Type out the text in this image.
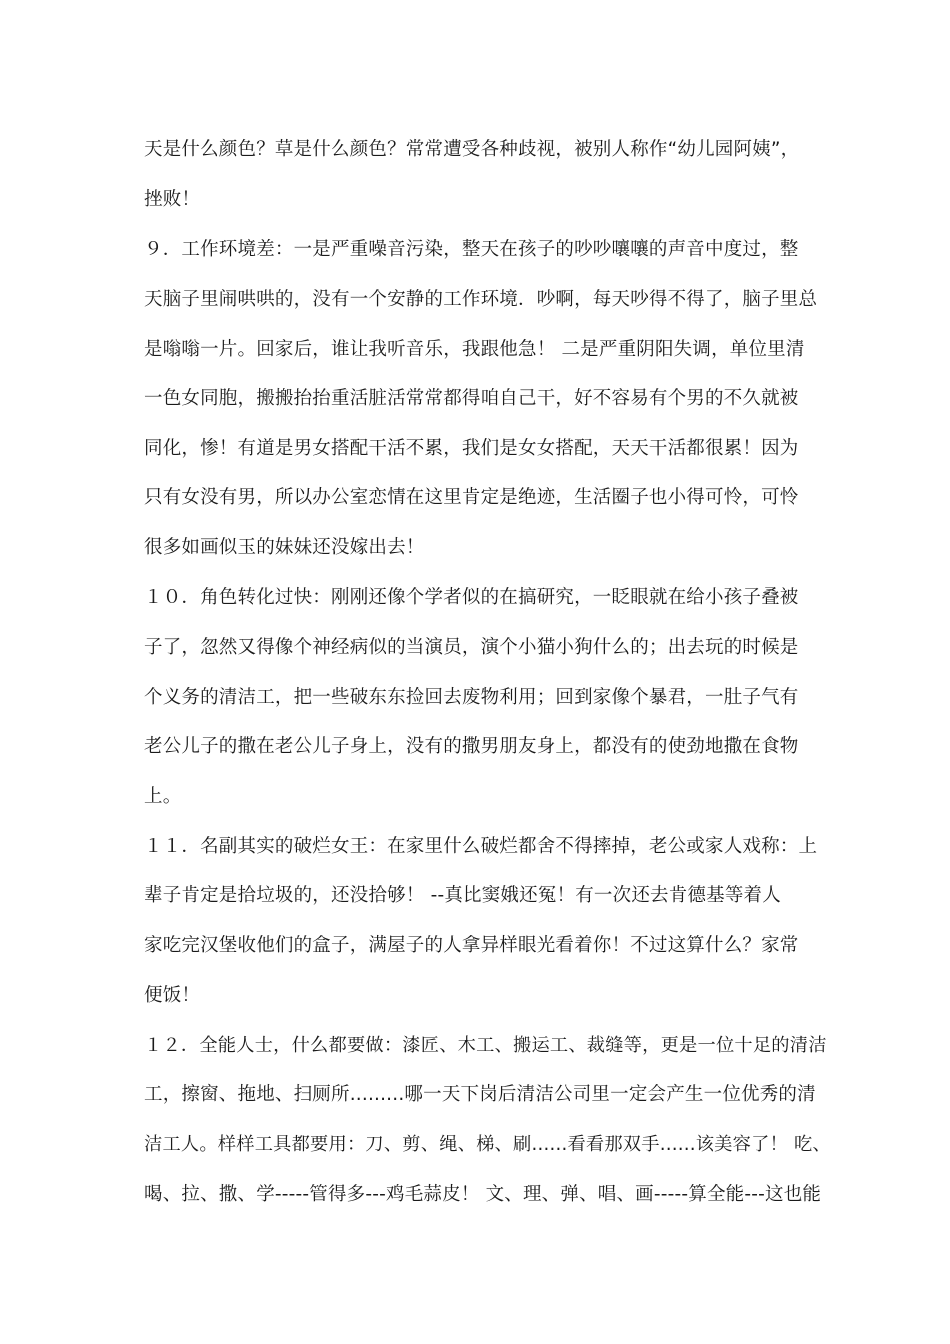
天是什么颜色？草是什么颜色？常常遭受各种歧视，被别人称作“幼儿园阿姨”，
挫败！
９．工作环境差：一是严重噪音污染，整天在孩子的吵吵嚷嚷的声音中度过，整
天脑子里闹哄哄的，没有一个安静的工作环境．吵啊，每天吵得不得了，脑子里总
是嗡嗡一片。回家后，谁让我听音乐，我跟他急！ 二是严重阴阳失调，单位里清
一色女同胞，搬搬抬抬重活脏活常常都得咱自己干，好不容易有个男的不久就被
同化，惨！有道是男女搭配干活不累，我们是女女搭配，天天干活都很累！因为
只有女没有男，所以办公室恋情在这里肯定是绝迹，生活圈子也小得可怜，可怜
很多如画似玉的妹妹还没嫁出去！
１０．角色转化过快：刚刚还像个学者似的在搞研究，一眨眼就在给小孩子叠被
子了，忽然又得像个神经病似的当演员，演个小猫小狗什么的；出去玩的时候是
个义务的清洁工，把一些破东东捡回去废物利用；回到家像个暴君，一肚子气有
老公儿子的撒在老公儿子身上，没有的撒男朋友身上，都没有的使劲地撒在食物
上。
１１．名副其实的破烂女王：在家里什么破烂都舍不得摔掉，老公或家人戏称：上
辈子肯定是拾垃圾的，还没拾够！ --真比窦娥还冤！有一次还去肯德基等着人
家吃完汉堡收他们的盒子，满屋子的人拿异样眼光看着你！不过这算什么？家常
便饭！
１２．全能人士，什么都要做：漆匠、木工、搬运工、裁缝等，更是一位十足的清洁
工，擦窗、拖地、扫厕所.........哪一天下岗后清洁公司里一定会产生一位优秀的清
洁工人。样样工具都要用：刀、剪、绳、梯、刷......看看那双手......该美容了！ 吃、
喝、拉、撒、学-----管得多---鸡毛蒜皮！ 文、理、弹、唱、画-----算全能---这也能
